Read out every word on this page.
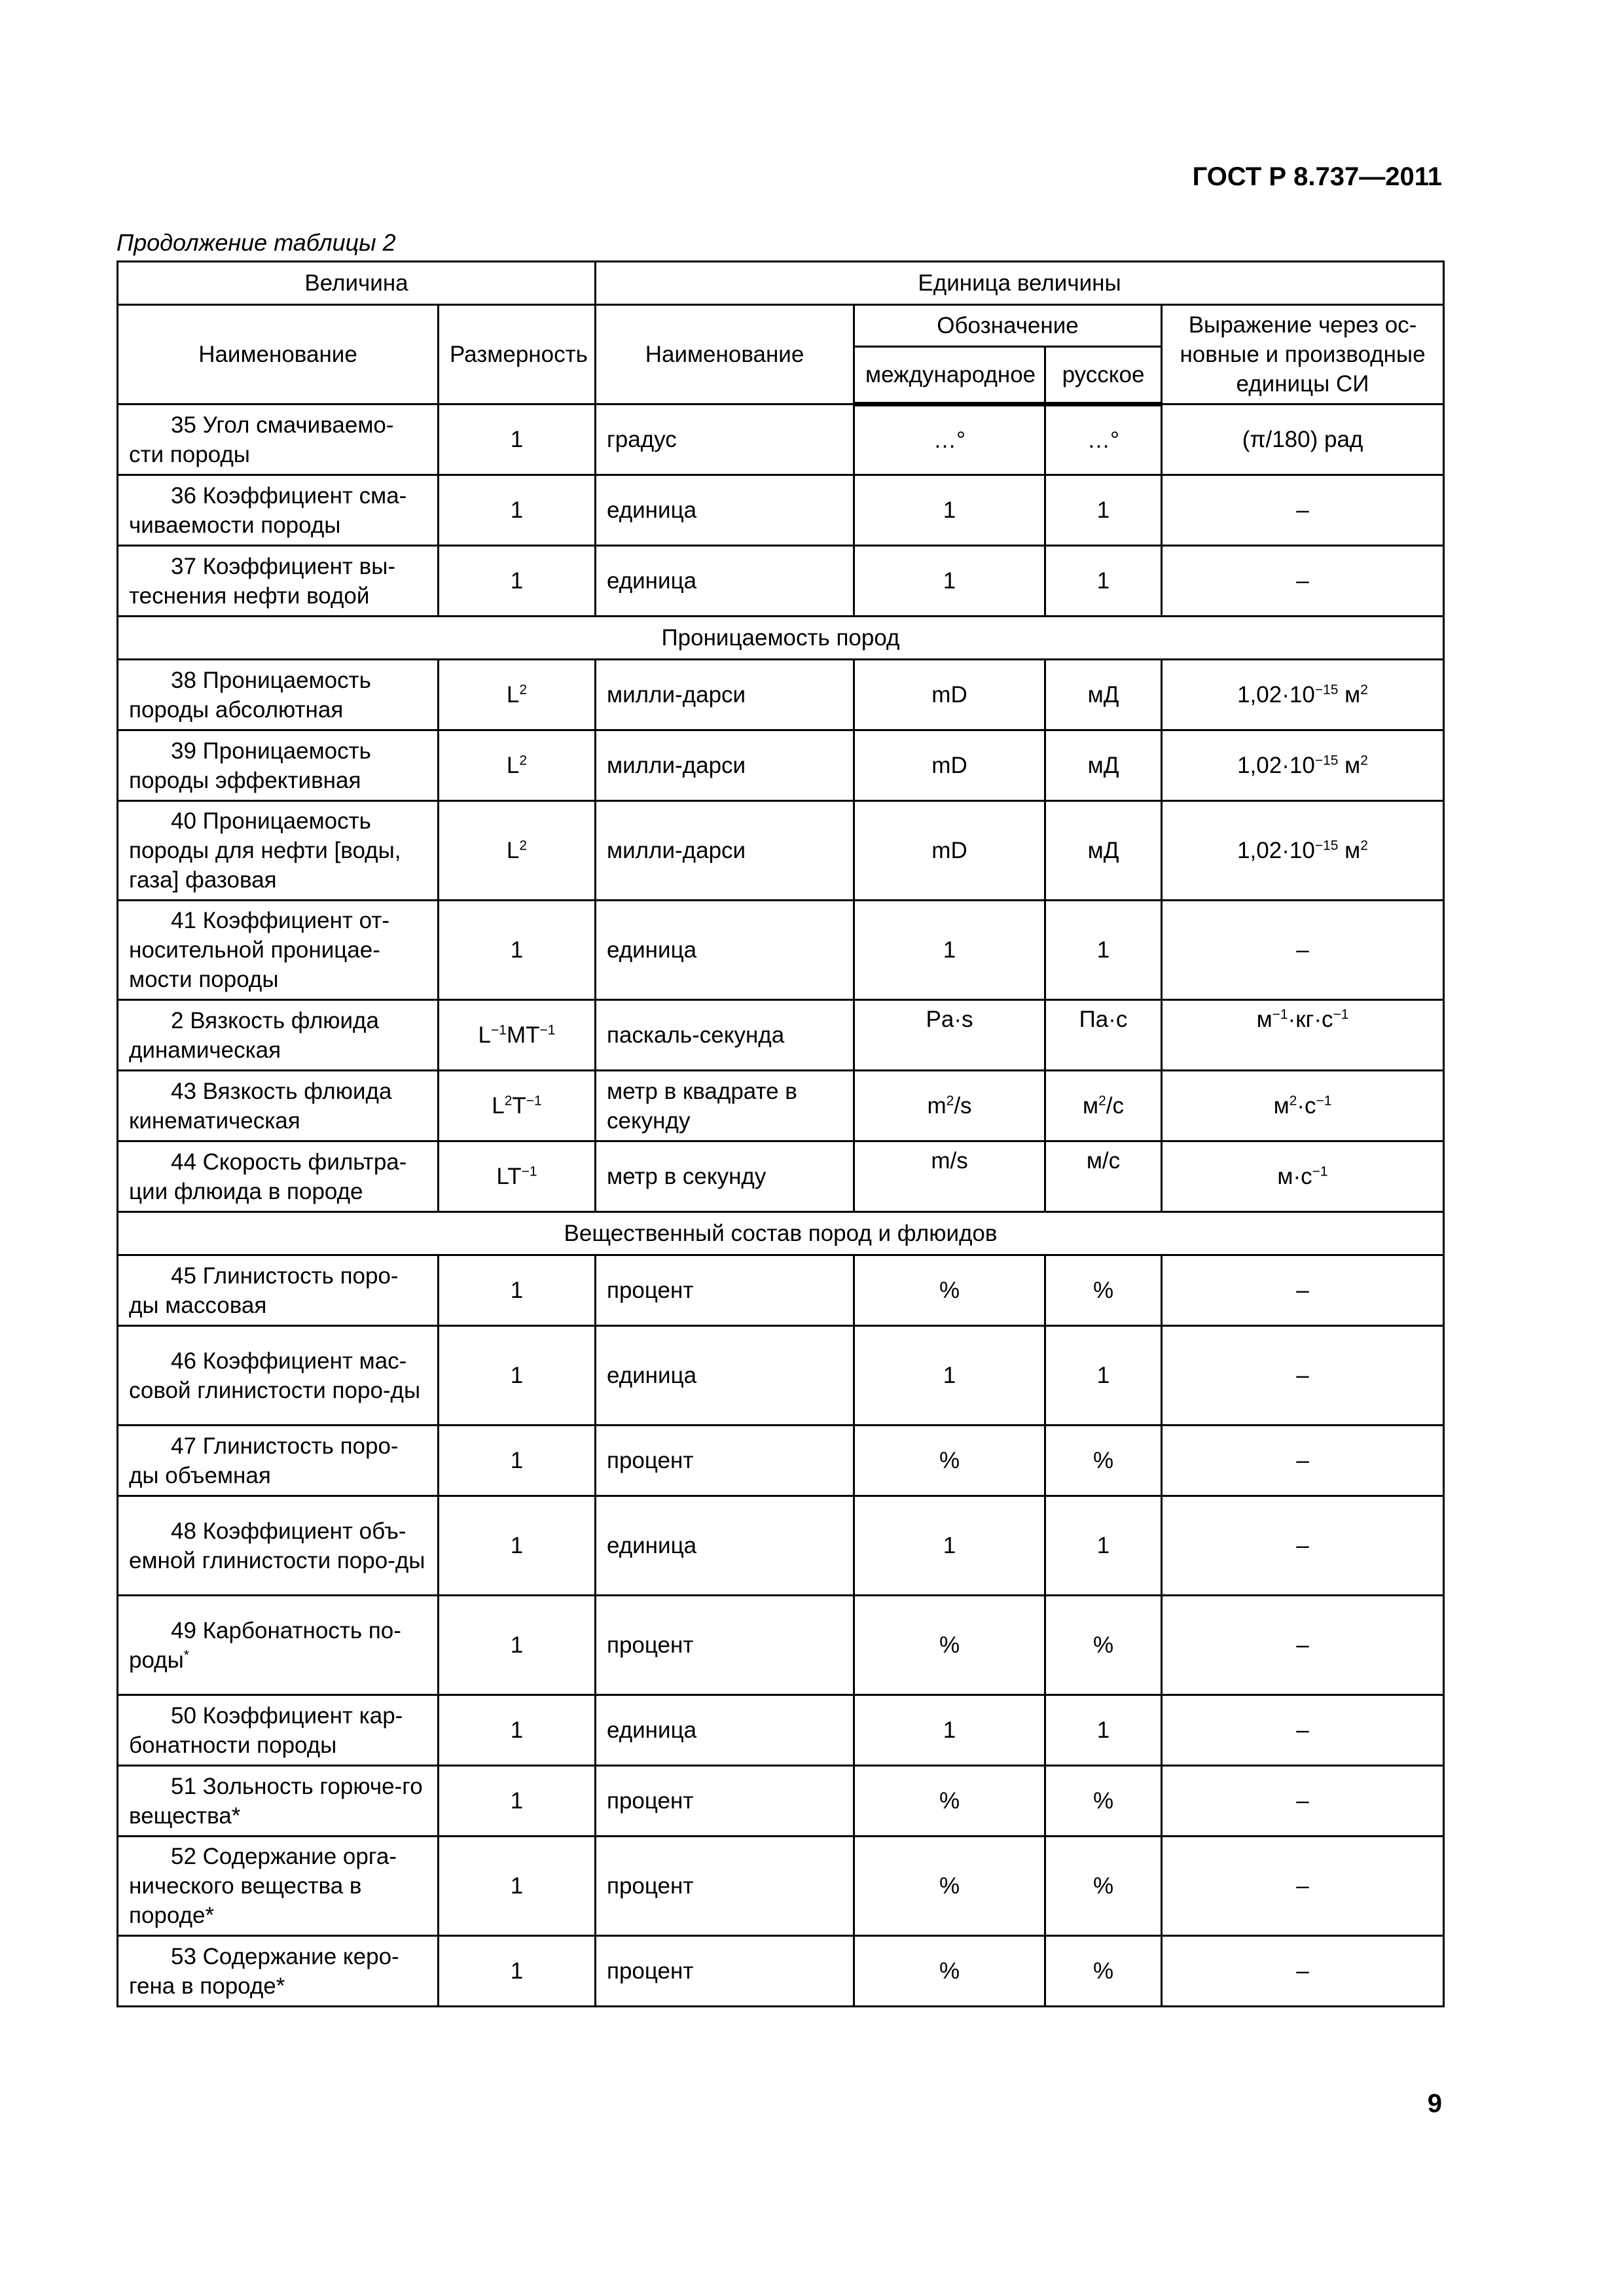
ГОСТ Р 8.737—2011
Продолжение таблицы 2
Величина		Единица величины			
Наименование	Размерность	Наименование	Обозначение		Выражение через ос-новные и производные единицы СИ
			международное	русское	
35 Угол смачиваемо-сти породы	1	градус	…°	…°	(π/180) рад
36 Коэффициент сма-чиваемости породы	1	единица	1	1	–
37 Коэффициент вы-теснения нефти водой	1	единица	1	1	–
Проницаемость пород					
38 Проницаемость породы абсолютная	$L^2$	милли-дарси	mD	мД	$1,02\cdot 10^{-15}$ $м^2$
39 Проницаемость породы эффективная	$L^2$	милли-дарси	mD	мД	$1,02\cdot 10^{-15}$ $м^2$
40 Проницаемость породы для нефти [воды, газа] фазовая	$L^2$	милли-дарси	mD	мД	$1,02\cdot 10^{-15}$ $м^2$
41 Коэффициент от-носительной проницае-мости породы	1	единица	1	1	–
2 Вязкость флюида динамическая	$L^{-1}MT^{-1}$	паскаль-секунда	Pa·s	Па·с	$м^{-1}\cdot кг\cdot с^{-1}$
43 Вязкость флюида кинематическая	$L^2T^{-1}$	метр в квадрате в секунду	$m^2/s$	$м^2/с$	$м^2\cdot с^{-1}$
44 Скорость фильтра-ции флюида в породе	$LT^{-1}$	метр в секунду	m/s	м/с	$м\cdot с^{-1}$
Вещественный состав пород и флюидов					
45 Глинистость поро-ды массовая	1	процент	%	%	–
46 Коэффициент мас-совой глинистости поро-ды	1	единица	1	1	–
47 Глинистость поро-ды объемная	1	процент	%	%	–
48 Коэффициент объ-емной глинистости поро-ды	1	единица	1	1	–
49 Карбонатность по-роды*	1	процент	%	%	–
50 Коэффициент кар-бонатности породы	1	единица	1	1	–
51 Зольность горюче-го вещества*	1	процент	%	%	–
52 Содержание орга-нического вещества в породе*	1	процент	%	%	–
53 Содержание керо-гена в породе*	1	процент	%	%	–
9
